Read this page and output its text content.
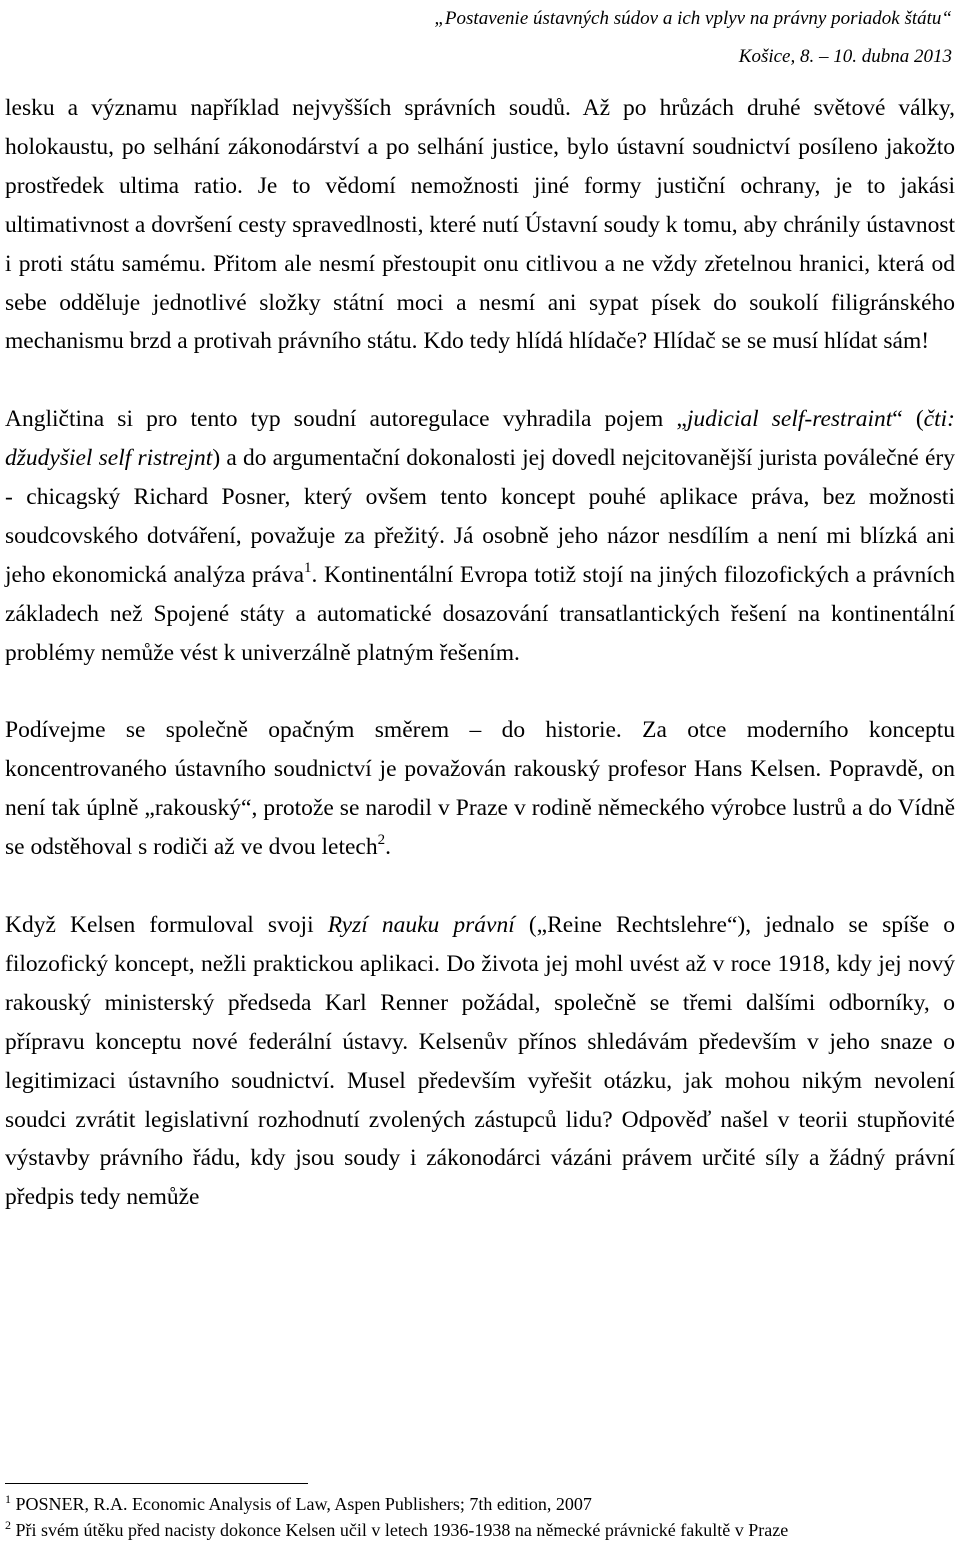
„Postavenie ústavných súdov a ich vplyv na právny poriadok štátu“
Košice, 8. – 10. dubna 2013

lesku a významu například nejvyšších správních soudů. Až po hrůzách druhé světové války, holokaustu, po selhání zákonodárství a po selhání justice, bylo ústavní soudnictví posíleno jakožto prostředek ultima ratio. Je to vědomí nemožnosti jiné formy justiční ochrany, je to jakási ultimativnost a dovršení cesty spravedlnosti, které nutí Ústavní soudy k tomu, aby chránily ústavnost i proti státu samému. Přitom ale nesmí přestoupit onu citlivou a ne vždy zřetelnou hranici, která od sebe odděluje jednotlivé složky státní moci a nesmí ani sypat písek do soukolí filigránského mechanismu brzd a protivah právního státu. Kdo tedy hlídá hlídače? Hlídač se se musí hlídat sám!

Angličtina si pro tento typ soudní autoregulace vyhradila pojem „judicial self-restraint“ (čti: džudyšiel self ristrejnt) a do argumentační dokonalosti jej dovedl nejcitovanější jurista poválečné éry - chicagský Richard Posner, který ovšem tento koncept pouhé aplikace práva, bez možnosti soudcovského dotváření, považuje za přežitý. Já osobně jeho názor nesdílím a není mi blízká ani jeho ekonomická analýza práva$^1$. Kontinentální Evropa totiž stojí na jiných filozofických a právních základech než Spojené státy a automatické dosazování transatlantických řešení na kontinentální problémy nemůže vést k univerzálně platným řešením.

Podívejme se společně opačným směrem – do historie. Za otce moderního konceptu koncentrovaného ústavního soudnictví je považován rakouský profesor Hans Kelsen. Popravdě, on není tak úplně „rakouský“, protože se narodil v Praze v rodině německého výrobce lustrů a do Vídně se odstěhoval s rodiči až ve dvou letech$^2$.

Když Kelsen formuloval svoji Ryzí nauku právní („Reine Rechtslehre“), jednalo se spíše o filozofický koncept, nežli praktickou aplikaci. Do života jej mohl uvést až v roce 1918, kdy jej nový rakouský ministerský předseda Karl Renner požádal, společně se třemi dalšími odborníky, o přípravu konceptu nové federální ústavy. Kelsenův přínos shledávám především v jeho snaze o legitimizaci ústavního soudnictví. Musel především vyřešit otázku, jak mohou nikým nevolení soudci zvrátit legislativní rozhodnutí zvolených zástupců lidu? Odpověď našel v teorii stupňovité výstavby právního řádu, kdy jsou soudy i zákonodárci vázáni právem určité síly a žádný právní předpis tedy nemůže

$^1$ POSNER, R.A. Economic Analysis of Law, Aspen Publishers; 7th edition, 2007
$^2$ Při svém útěku před nacisty dokonce Kelsen učil v letech 1936-1938 na německé právnické fakultě v Praze
